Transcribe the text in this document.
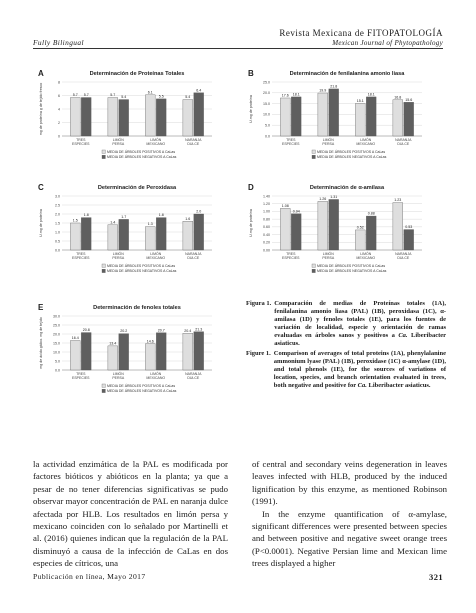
Fully Bilingual
Revista Mexicana de FITOPATOLOGÍA
Mexican Journal of Phytopathology
A	Determinación de Proteínas Totales
mg de proteína g de tejido fresco
0
2
4
6
8
5.7 5.7
TRES ESPECIES
5.7
5.4
LIMÓN PERSA
6.1
5.5
LIMÓN MEXICANO
5.4
6.4
NARANJA DULCE
MEDIA DE ÁRBOLES POSITIVOS A CaLas
MEDIA DE ÁRBOLES NEGATIVOS A CaLas
B	Determinación de fenilalanina amonio liasa
U.mg de proteína
0.0
5.0
10.0
15.0
20.0
25.0
17.6 18.1
TRES ESPECIES
19.9
21.8
LIMÓN PERSA
15.1
18.1
LIMÓN MEXICANO
16.8
15.6
NARANJA DULCE
MEDIA DE ÁRBOLES POSITIVOS A CaLas
MEDIA DE ÁRBOLES NEGATIVOS A CaLas
C	Determinación de Peroxidasa
U.mg de proteína
0.0
0.5
1.0
1.5
2.0
2.5
3.0
1.5
1.8
TRES ESPECIES
1.4
1.7
LIMÓN PERSA
1.3
1.8
LIMÓN MEXICANO
1.6
2.0
NARANJA DULCE
MEDIA DE ÁRBOLES POSITIVOS A CaLas
MEDIA DE ÁRBOLES NEGATIVOS A CaLas
D	Determinación de α-amilasa
U.mg de proteína
0.00
0.20
0.40
0.60
0.80
1.00
1.20
1.40
1.08
0.94
TRES ESPECIES
1.26 1.31
LIMÓN PERSA
0.52
0.88
LIMÓN MEXICANO
1.23
0.53
NARANJA DULCE
MEDIA DE ÁRBOLES POSITIVOS A CaLas
MEDIA DE ÁRBOLES NEGATIVOS A CaLas
E	Determinación de fenoles totales
mg de ácido gálico. mg de tejido
0.0
5.0
10.0
15.0
20.0
25.0
30.0
16.4
20.8
TRES ESPECIES
13.4
20.2
LIMÓN PERSA
14.6
20.7
LIMÓN MEXICANO
20.4 21.3
NARANJA DULCE
MEDIA DE ÁRBOLES POSITIVOS A CaLas
MEDIA DE ÁRBOLES NEGATIVOS A CaLas
Figura 1. Comparación de medias de Proteínas totales (1A), fenilalanina amonio liasa (PAL) (1B), peroxidasa (1C), α-amilasa (1D) y fenoles totales (1E), para los fuentes de variación de localidad, especie y orientación de ramas evaluadas en árboles sanos y positivos a Ca. Liberibacter asiaticus.
Figure 1. Comparison of averages of total proteins (1A), phenylalanine ammonium lyase (PAL) (1B), peroxidase (1C) α-amylase (1D), and total phenols (1E), for the sources of variations of location, species, and branch orientation evaluated in trees, both negative and positive for Ca. Liberibacter asiaticus.

la actividad enzimática de la PAL es modificada por factores bióticos y abióticos en la planta; ya que a pesar de no tener diferencias significativas se pudo observar mayor concentración de PAL en naranja dulce afectada por HLB. Los resultados en limón persa y mexicano coinciden con lo señalado por Martinelli et al. (2016) quienes indican que la regulación de la PAL disminuyó a causa de la infección de CaLas en dos especies de cítricos, una

of central and secondary veins degeneration in leaves leaves infected with HLB, produced by the induced lignification by this enzyme, as mentioned Robinson (1991).

In the enzyme quantification of α-amylase, significant differences were presented between species and between positive and negative sweet orange trees (P<0.0001). Negative Persian lime and Mexican lime trees displayed a higher

Publicación en línea, Mayo 2017	321
